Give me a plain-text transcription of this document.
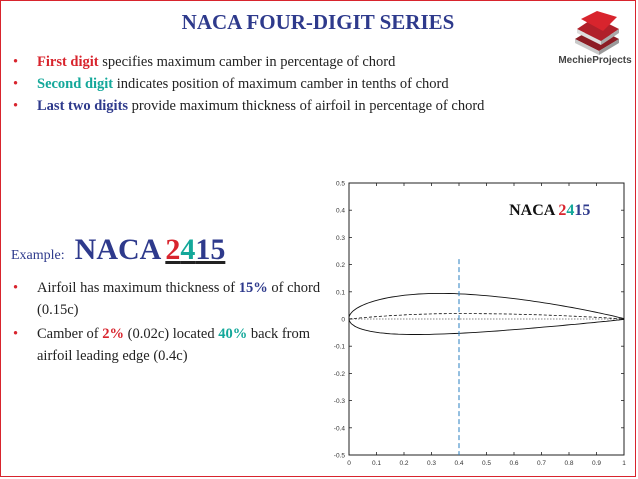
NACA FOUR-DIGIT SERIES
MechieProjects
• First digit specifies maximum camber in percentage of chord
• Second digit indicates position of maximum camber in tenths of chord
• Last two digits provide maximum thickness of airfoil in percentage of chord
Example: NACA 2415
• Airfoil has maximum thickness of 15% of chord (0.15c)
• Camber of 2% (0.02c) located 40% back from airfoil leading edge (0.4c)
0	0.1	0.2	0.3	0.4	0.5	0.6	0.7	0.8	0.9	1
0.5
0.4
0.3
0.2
0.1
0
-0.1
-0.2
-0.3
-0.4
-0.5
NACA 2415
